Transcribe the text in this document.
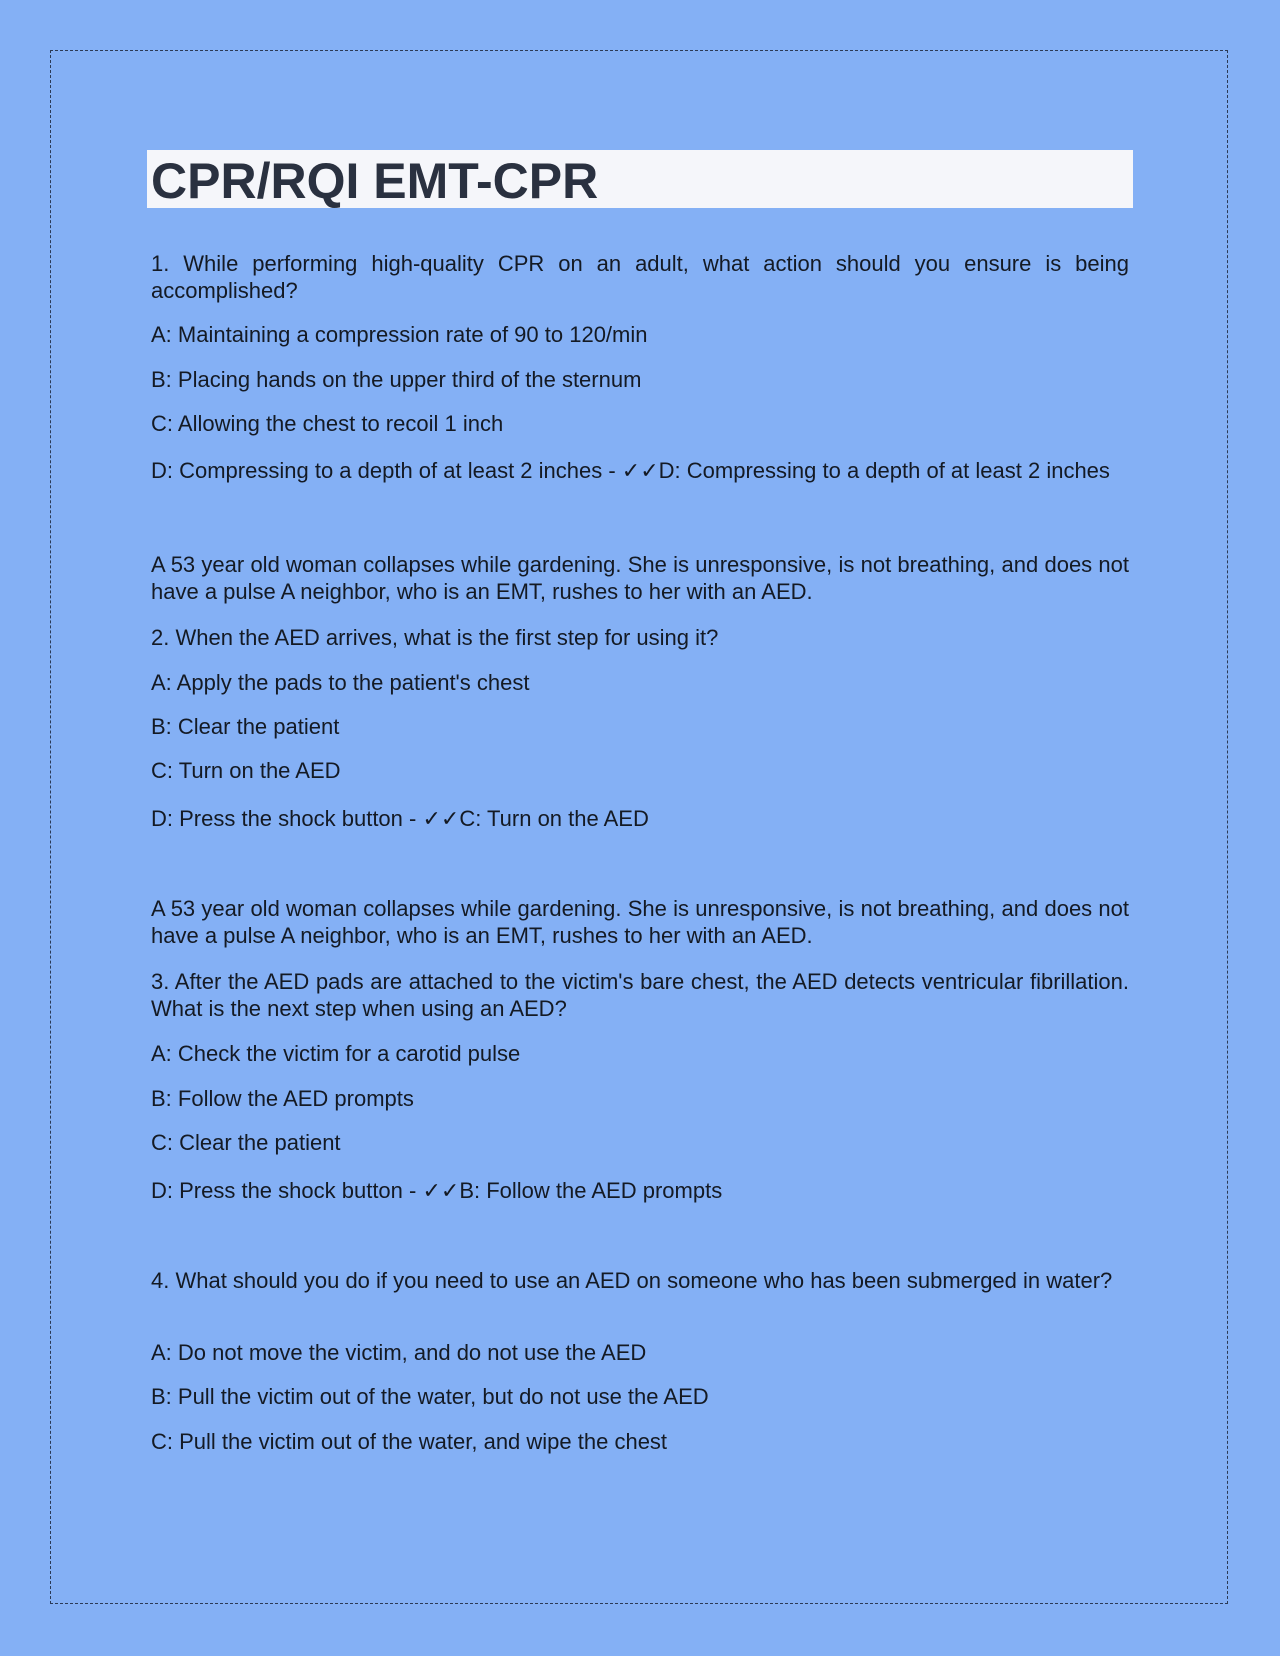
CPR/RQI EMT-CPR

1. While performing high-quality CPR on an adult, what action should you ensure is being accomplished?

A: Maintaining a compression rate of 90 to 120/min

B: Placing hands on the upper third of the sternum

C: Allowing the chest to recoil 1 inch

D: Compressing to a depth of at least 2 inches - ✓✓D: Compressing to a depth of at least 2 inches

A 53 year old woman collapses while gardening. She is unresponsive, is not breathing, and does not have a pulse A neighbor, who is an EMT, rushes to her with an AED.

2. When the AED arrives, what is the first step for using it?

A: Apply the pads to the patient's chest

B: Clear the patient

C: Turn on the AED

D: Press the shock button - ✓✓C: Turn on the AED

A 53 year old woman collapses while gardening. She is unresponsive, is not breathing, and does not have a pulse A neighbor, who is an EMT, rushes to her with an AED.

3. After the AED pads are attached to the victim's bare chest, the AED detects ventricular fibrillation. What is the next step when using an AED?

A: Check the victim for a carotid pulse

B: Follow the AED prompts

C: Clear the patient

D: Press the shock button - ✓✓B: Follow the AED prompts

4. What should you do if you need to use an AED on someone who has been submerged in water?

A: Do not move the victim, and do not use the AED

B: Pull the victim out of the water, but do not use the AED

C: Pull the victim out of the water, and wipe the chest
